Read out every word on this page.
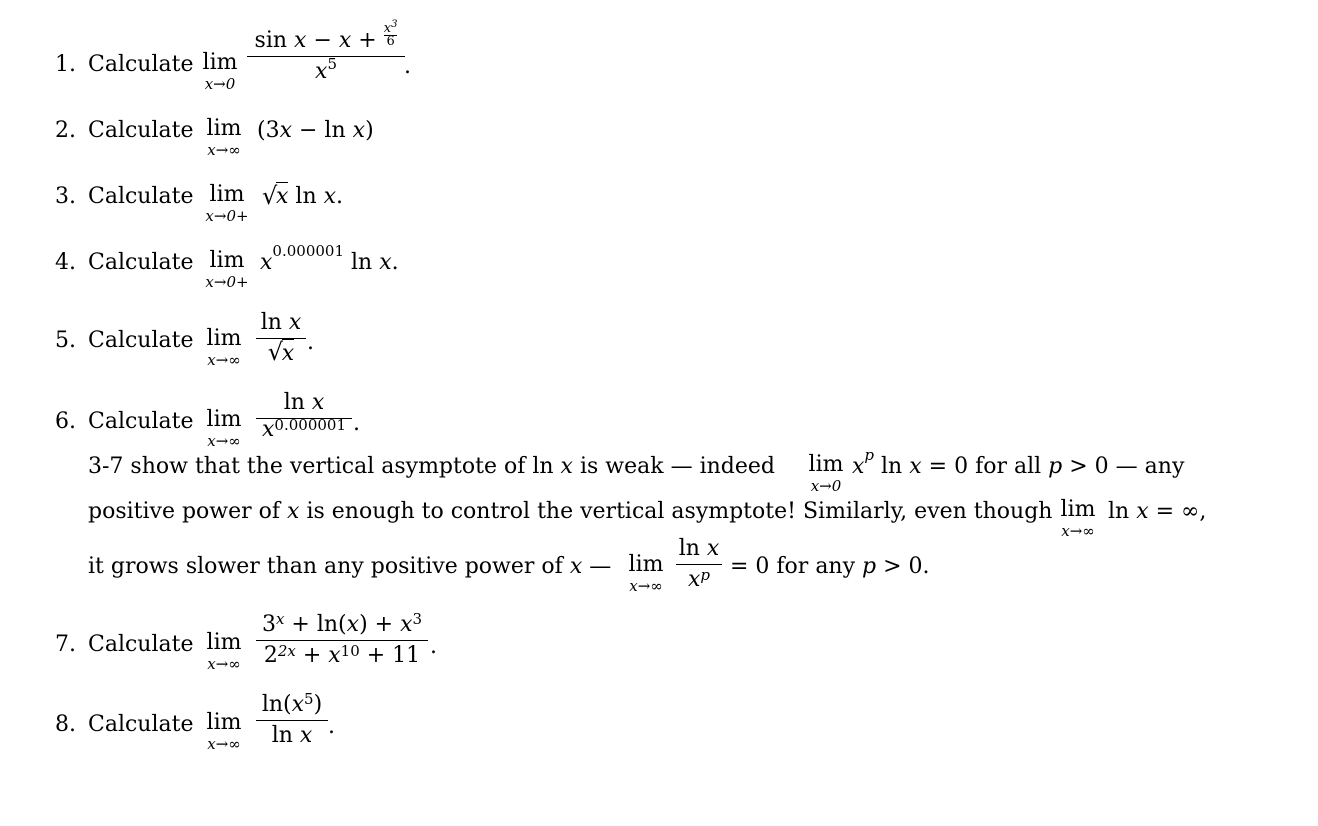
1. Calculate lim
x→0
$\sin x - x + \frac{x^3}{6}$
$x^5$	.
2. Calculate lim
x→∞
(3x − ln x)
3. Calculate lim
x→0+
√
x ln x.
4. Calculate lim
x→0+
$x^{0.000001}$ ln x.
5. Calculate lim
x→∞
ln x
√
x .
6. Calculate lim
x→∞
ln x
$x^{0.000001}$ .
3-7 show that the vertical asymptote of ln x is weak — indeed lim
x→0
$x^p$ ln x = 0 for all p > 0 — any
positive power of x is enough to control the vertical asymptote! Similarly, even though lim
x→∞
ln x = ∞,
it grows slower than any positive power of x — lim
x→∞
ln x
$x^p = 0$ for any p > 0.
7. Calculate lim
x→∞
$3^x + \ln(x) + x^3$
$2^{2x} + x^{10} + 11$ .
8. Calculate lim
x→∞
$\ln(x^5)$
ln x .
